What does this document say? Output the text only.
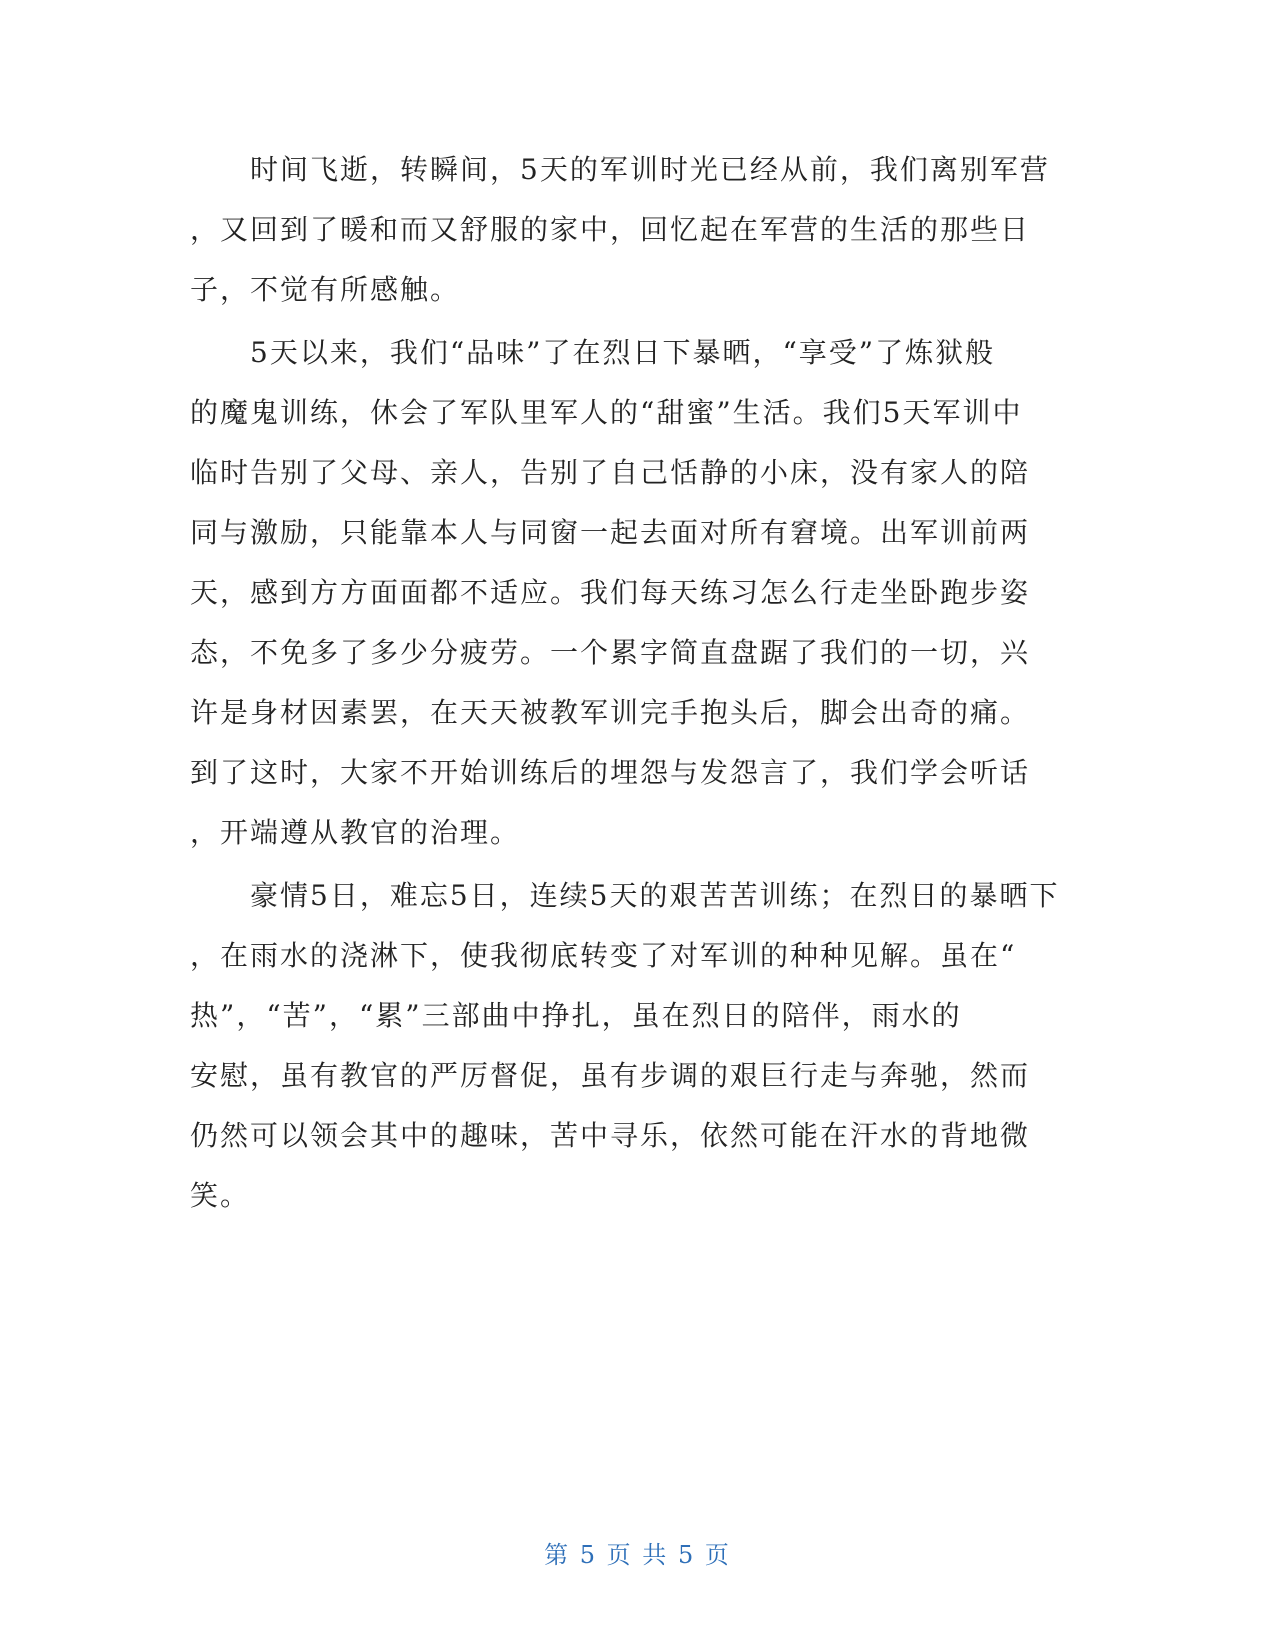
　　时间飞逝，转瞬间，5天的军训时光已经从前，我们离别军营
，又回到了暖和而又舒服的家中，回忆起在军营的生活的那些日
子，不觉有所感触。
　　5天以来，我们“品味”了在烈日下暴晒，“享受”了炼狱般
的魔鬼训练，休会了军队里军人的“甜蜜”生活。我们5天军训中
临时告别了父母、亲人，告别了自己恬静的小床，没有家人的陪
同与激励，只能靠本人与同窗一起去面对所有窘境。出军训前两
天，感到方方面面都不适应。我们每天练习怎么行走坐卧跑步姿
态，不免多了多少分疲劳。一个累字简直盘踞了我们的一切，兴
许是身材因素罢，在天天被教军训完手抱头后，脚会出奇的痛。
到了这时，大家不开始训练后的埋怨与发怨言了，我们学会听话
，开端遵从教官的治理。
　　豪情5日，难忘5日，连续5天的艰苦苦训练；在烈日的暴晒下
，在雨水的浇淋下，使我彻底转变了对军训的种种见解。虽在“
热”，“苦”，“累”三部曲中挣扎，虽在烈日的陪伴，雨水的
安慰，虽有教官的严厉督促，虽有步调的艰巨行走与奔驰，然而
仍然可以领会其中的趣味，苦中寻乐，依然可能在汗水的背地微
笑。
第 5 页 共 5 页
